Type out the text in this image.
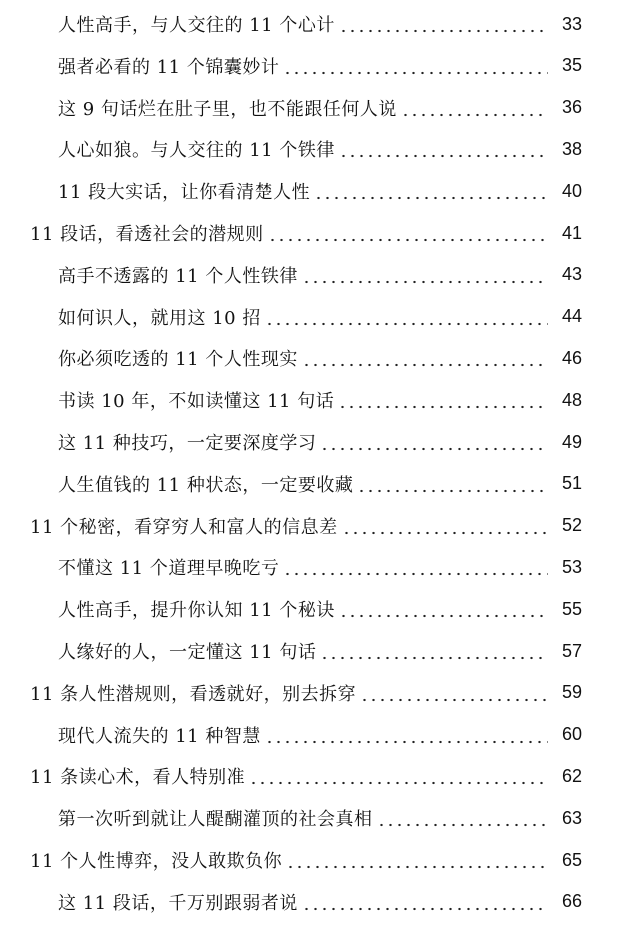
人性高手，与人交往的 11 个心计	33
强者必看的 11 个锦囊妙计	35
这 9 句话烂在肚子里，也不能跟任何人说	36
人心如狼。与人交往的 11 个铁律	38
11 段大实话，让你看清楚人性	40
11 段话，看透社会的潜规则	41
高手不透露的 11 个人性铁律	43
如何识人，就用这 10 招	44
你必须吃透的 11 个人性现实	46
书读 10 年，不如读懂这 11 句话	48
这 11 种技巧，一定要深度学习	49
人生值钱的 11 种状态，一定要收藏	51
11 个秘密，看穿穷人和富人的信息差	52
不懂这 11 个道理早晚吃亏	53
人性高手，提升你认知 11 个秘诀	55
人缘好的人，一定懂这 11 句话	57
11 条人性潜规则，看透就好，别去拆穿	59
现代人流失的 11 种智慧	60
11 条读心术，看人特别准	62
第一次听到就让人醍醐灌顶的社会真相	63
11 个人性博弈，没人敢欺负你	65
这 11 段话，千万别跟弱者说	66
